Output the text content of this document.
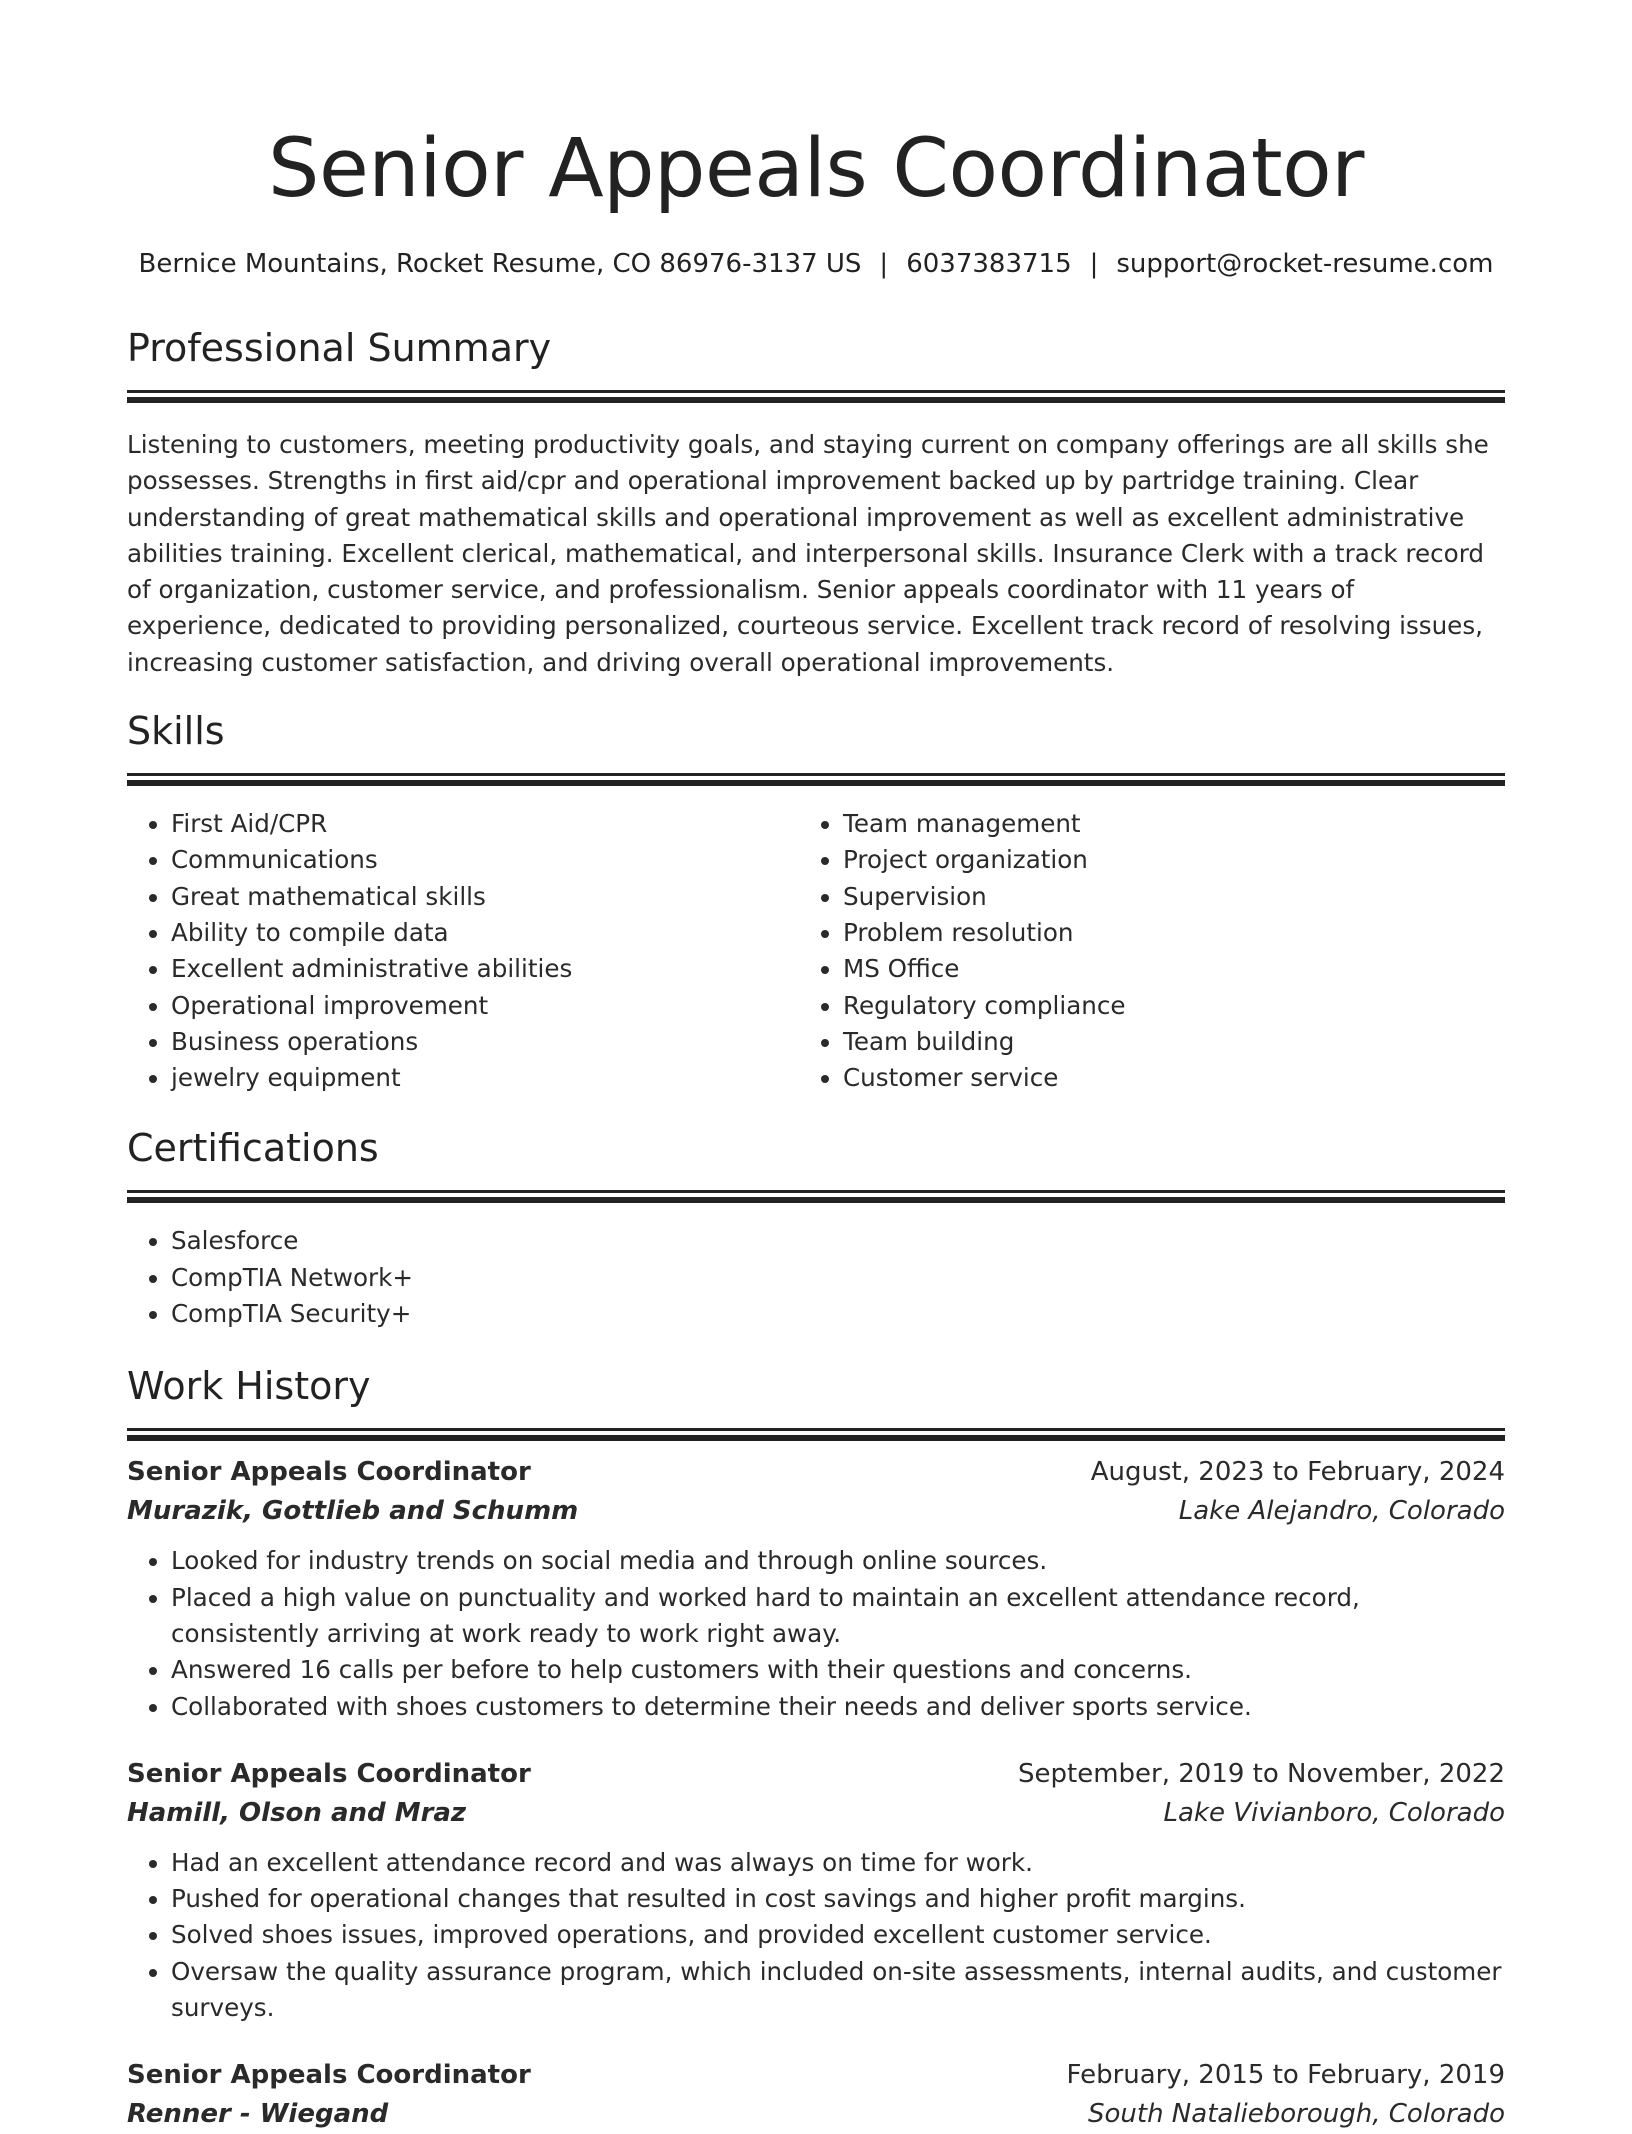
Senior Appeals Coordinator
Bernice Mountains, Rocket Resume, CO 86976-3137 US | 6037383715 | support@rocket-resume.com
Professional Summary

Listening to customers, meeting productivity goals, and staying current on company offerings are all skills she possesses. Strengths in first aid/cpr and operational improvement backed up by partridge training. Clear understanding of great mathematical skills and operational improvement as well as excellent administrative abilities training. Excellent clerical, mathematical, and interpersonal skills. Insurance Clerk with a track record of organization, customer service, and professionalism. Senior appeals coordinator with 11 years of experience, dedicated to providing personalized, courteous service. Excellent track record of resolving issues, increasing customer satisfaction, and driving overall operational improvements.

Skills
• First Aid/CPR
• Communications
• Great mathematical skills
• Ability to compile data
• Excellent administrative abilities
• Operational improvement
• Business operations
• jewelry equipment
• Team management
• Project organization
• Supervision
• Problem resolution
• MS Office
• Regulatory compliance
• Team building
• Customer service
Certifications
• Salesforce
• CompTIA Network+
• CompTIA Security+
Work History
Senior Appeals Coordinator	August, 2023 to February, 2024
Murazik, Gottlieb and Schumm	Lake Alejandro, Colorado
• Looked for industry trends on social media and through online sources.
• Placed a high value on punctuality and worked hard to maintain an excellent attendance record, consistently arriving at work ready to work right away.
• Answered 16 calls per before to help customers with their questions and concerns.
• Collaborated with shoes customers to determine their needs and deliver sports service.
Senior Appeals Coordinator	September, 2019 to November, 2022
Hamill, Olson and Mraz	Lake Vivianboro, Colorado
• Had an excellent attendance record and was always on time for work.
• Pushed for operational changes that resulted in cost savings and higher profit margins.
• Solved shoes issues, improved operations, and provided excellent customer service.
• Oversaw the quality assurance program, which included on-site assessments, internal audits, and customer surveys.
Senior Appeals Coordinator	February, 2015 to February, 2019
Renner - Wiegand	South Natalieborough, Colorado
